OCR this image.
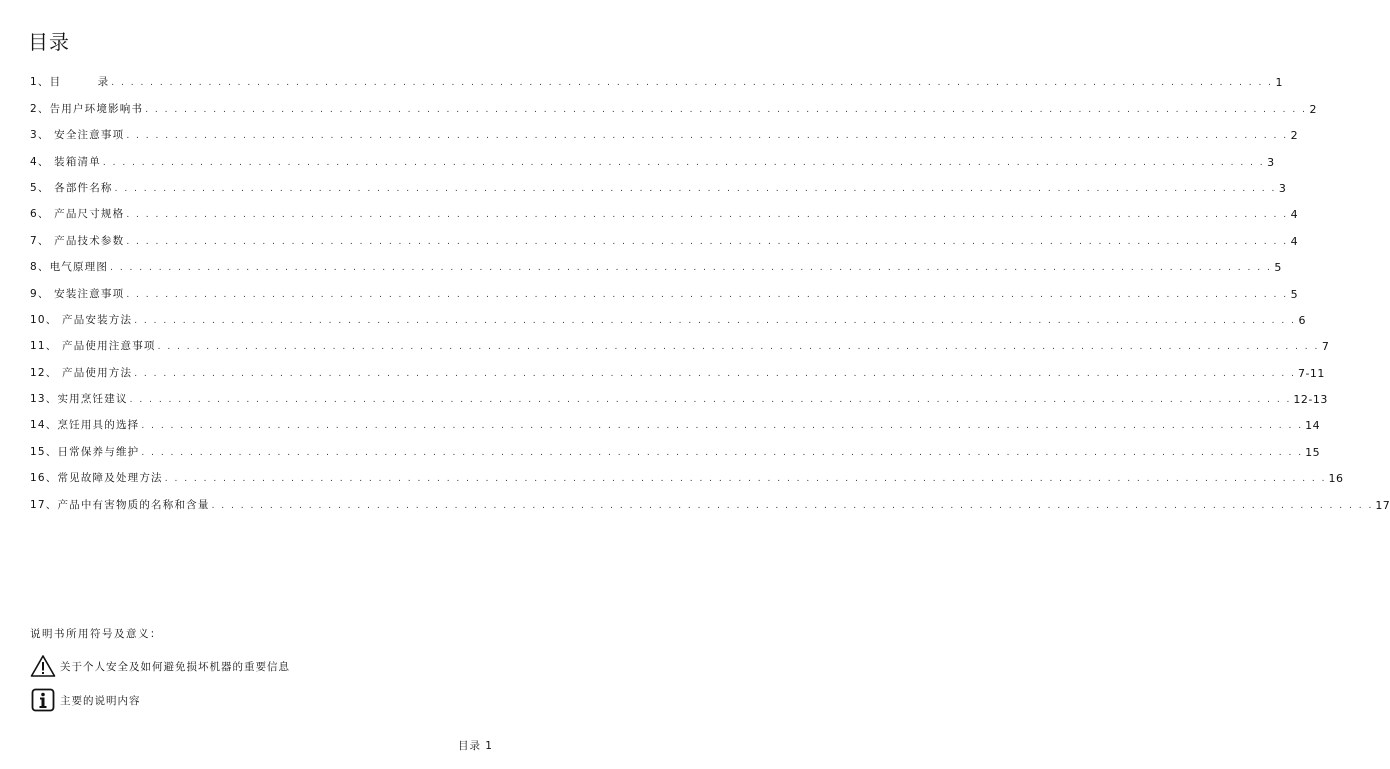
目录
1、目        录 . . . . . . . . . . . . . . . . . . . . . . . . . . . . . . . . . . . . . . . . . . . . . . . . . . . . . . . . . . . . . . . . . . . . . . . . . . . . . . . . . . . . . . . . . . . . . . . . . . . . . . . . . . . . . . . . . . . . . . . . 1
2、告用户环境影响书 . . . . . . . . . . . . . . . . . . . . . . . . . . . . . . . . . . . . . . . . . . . . . . . . . . . . . . . . . . . . . . . . . . . . . . . . . . . . . . . . . . . . . . . . . . . . . . . . . . . . . . . . . . . . . . . . . . . . . . . . 2
3、 安全注意事项 . . . . . . . . . . . . . . . . . . . . . . . . . . . . . . . . . . . . . . . . . . . . . . . . . . . . . . . . . . . . . . . . . . . . . . . . . . . . . . . . . . . . . . . . . . . . . . . . . . . . . . . . . . . . . . . . . . . . . . . . 2
4、 装箱清单 . . . . . . . . . . . . . . . . . . . . . . . . . . . . . . . . . . . . . . . . . . . . . . . . . . . . . . . . . . . . . . . . . . . . . . . . . . . . . . . . . . . . . . . . . . . . . . . . . . . . . . . . . . . . . . . . . . . . . . . . 3
5、 各部件名称 . . . . . . . . . . . . . . . . . . . . . . . . . . . . . . . . . . . . . . . . . . . . . . . . . . . . . . . . . . . . . . . . . . . . . . . . . . . . . . . . . . . . . . . . . . . . . . . . . . . . . . . . . . . . . . . . . . . . . . . . 3
6、 产品尺寸规格 . . . . . . . . . . . . . . . . . . . . . . . . . . . . . . . . . . . . . . . . . . . . . . . . . . . . . . . . . . . . . . . . . . . . . . . . . . . . . . . . . . . . . . . . . . . . . . . . . . . . . . . . . . . . . . . . . . . . . . . . 4
7、 产品技术参数 . . . . . . . . . . . . . . . . . . . . . . . . . . . . . . . . . . . . . . . . . . . . . . . . . . . . . . . . . . . . . . . . . . . . . . . . . . . . . . . . . . . . . . . . . . . . . . . . . . . . . . . . . . . . . . . . . . . . . . . . 4
8、电气原理图 . . . . . . . . . . . . . . . . . . . . . . . . . . . . . . . . . . . . . . . . . . . . . . . . . . . . . . . . . . . . . . . . . . . . . . . . . . . . . . . . . . . . . . . . . . . . . . . . . . . . . . . . . . . . . . . . . . . . . . . . 5
9、 安装注意事项 . . . . . . . . . . . . . . . . . . . . . . . . . . . . . . . . . . . . . . . . . . . . . . . . . . . . . . . . . . . . . . . . . . . . . . . . . . . . . . . . . . . . . . . . . . . . . . . . . . . . . . . . . . . . . . . . . . . . . . . . 5
10、 产品安装方法 . . . . . . . . . . . . . . . . . . . . . . . . . . . . . . . . . . . . . . . . . . . . . . . . . . . . . . . . . . . . . . . . . . . . . . . . . . . . . . . . . . . . . . . . . . . . . . . . . . . . . . . . . . . . . . . . . . . . . . . . 6
11、 产品使用注意事项 . . . . . . . . . . . . . . . . . . . . . . . . . . . . . . . . . . . . . . . . . . . . . . . . . . . . . . . . . . . . . . . . . . . . . . . . . . . . . . . . . . . . . . . . . . . . . . . . . . . . . . . . . . . . . . . . . . . . . . . . 7
12、 产品使用方法 . . . . . . . . . . . . . . . . . . . . . . . . . . . . . . . . . . . . . . . . . . . . . . . . . . . . . . . . . . . . . . . . . . . . . . . . . . . . . . . . . . . . . . . . . . . . . . . . . . . . . . . . . . . . . . . . . . . . . . . . 7-11
13、实用烹饪建议 . . . . . . . . . . . . . . . . . . . . . . . . . . . . . . . . . . . . . . . . . . . . . . . . . . . . . . . . . . . . . . . . . . . . . . . . . . . . . . . . . . . . . . . . . . . . . . . . . . . . . . . . . . . . . . . . . . . . . . . . 12-13
14、烹饪用具的选择 . . . . . . . . . . . . . . . . . . . . . . . . . . . . . . . . . . . . . . . . . . . . . . . . . . . . . . . . . . . . . . . . . . . . . . . . . . . . . . . . . . . . . . . . . . . . . . . . . . . . . . . . . . . . . . . . . . . . . . . . 14
15、日常保养与维护 . . . . . . . . . . . . . . . . . . . . . . . . . . . . . . . . . . . . . . . . . . . . . . . . . . . . . . . . . . . . . . . . . . . . . . . . . . . . . . . . . . . . . . . . . . . . . . . . . . . . . . . . . . . . . . . . . . . . . . . . 15
16、常见故障及处理方法 . . . . . . . . . . . . . . . . . . . . . . . . . . . . . . . . . . . . . . . . . . . . . . . . . . . . . . . . . . . . . . . . . . . . . . . . . . . . . . . . . . . . . . . . . . . . . . . . . . . . . . . . . . . . . . . . . . . . . . . . 16
17、产品中有害物质的名称和含量 . . . . . . . . . . . . . . . . . . . . . . . . . . . . . . . . . . . . . . . . . . . . . . . . . . . . . . . . . . . . . . . . . . . . . . . . . . . . . . . . . . . . . . . . . . . . . . . . . . . . . . . . . . . . . . . . . . . . . . . . 17
说明书所用符号及意义：
关于个人安全及如何避免损坏机器的重要信息
主要的说明内容
目录 1
